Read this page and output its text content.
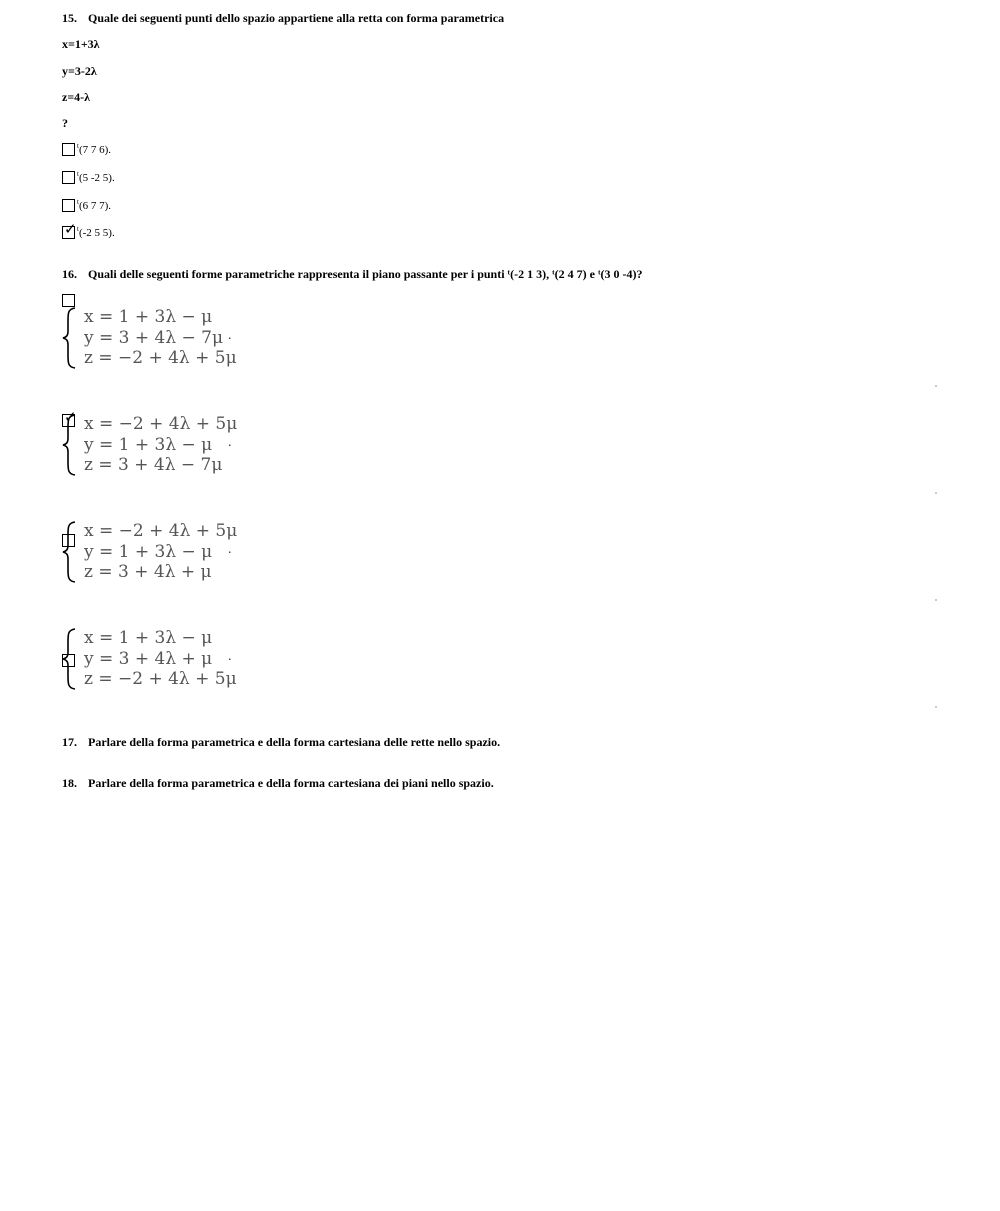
15. Quale dei seguenti punti dello spazio appartiene alla retta con forma parametrica
x=1+3λ
y=3-2λ
z=4-λ
?
t (7 7 6).
t (5 -2 5).
t (6 7 7).
✓ t (-2 5 5).
16. Quali delle seguenti forme parametriche rappresenta il piano passante per i punti ᵗ(-2 1 3), ᵗ(2 4 7) e ᵗ(3 0 -4)?
x = 1 + 3λ − μ
y = 3 + 4λ − 7μ
z = −2 + 4λ + 5μ
.
✓ x = −2 + 4λ + 5μ
y = 1 + 3λ − μ
z = 3 + 4λ − 7μ
.
x = −2 + 4λ + 5μ
y = 1 + 3λ − μ
z = 3 + 4λ + μ
.
x = 1 + 3λ − μ
y = 3 + 4λ + μ
z = −2 + 4λ + 5μ
.
17. Parlare della forma parametrica e della forma cartesiana delle rette nello spazio.
18. Parlare della forma parametrica e della forma cartesiana dei piani nello spazio.
